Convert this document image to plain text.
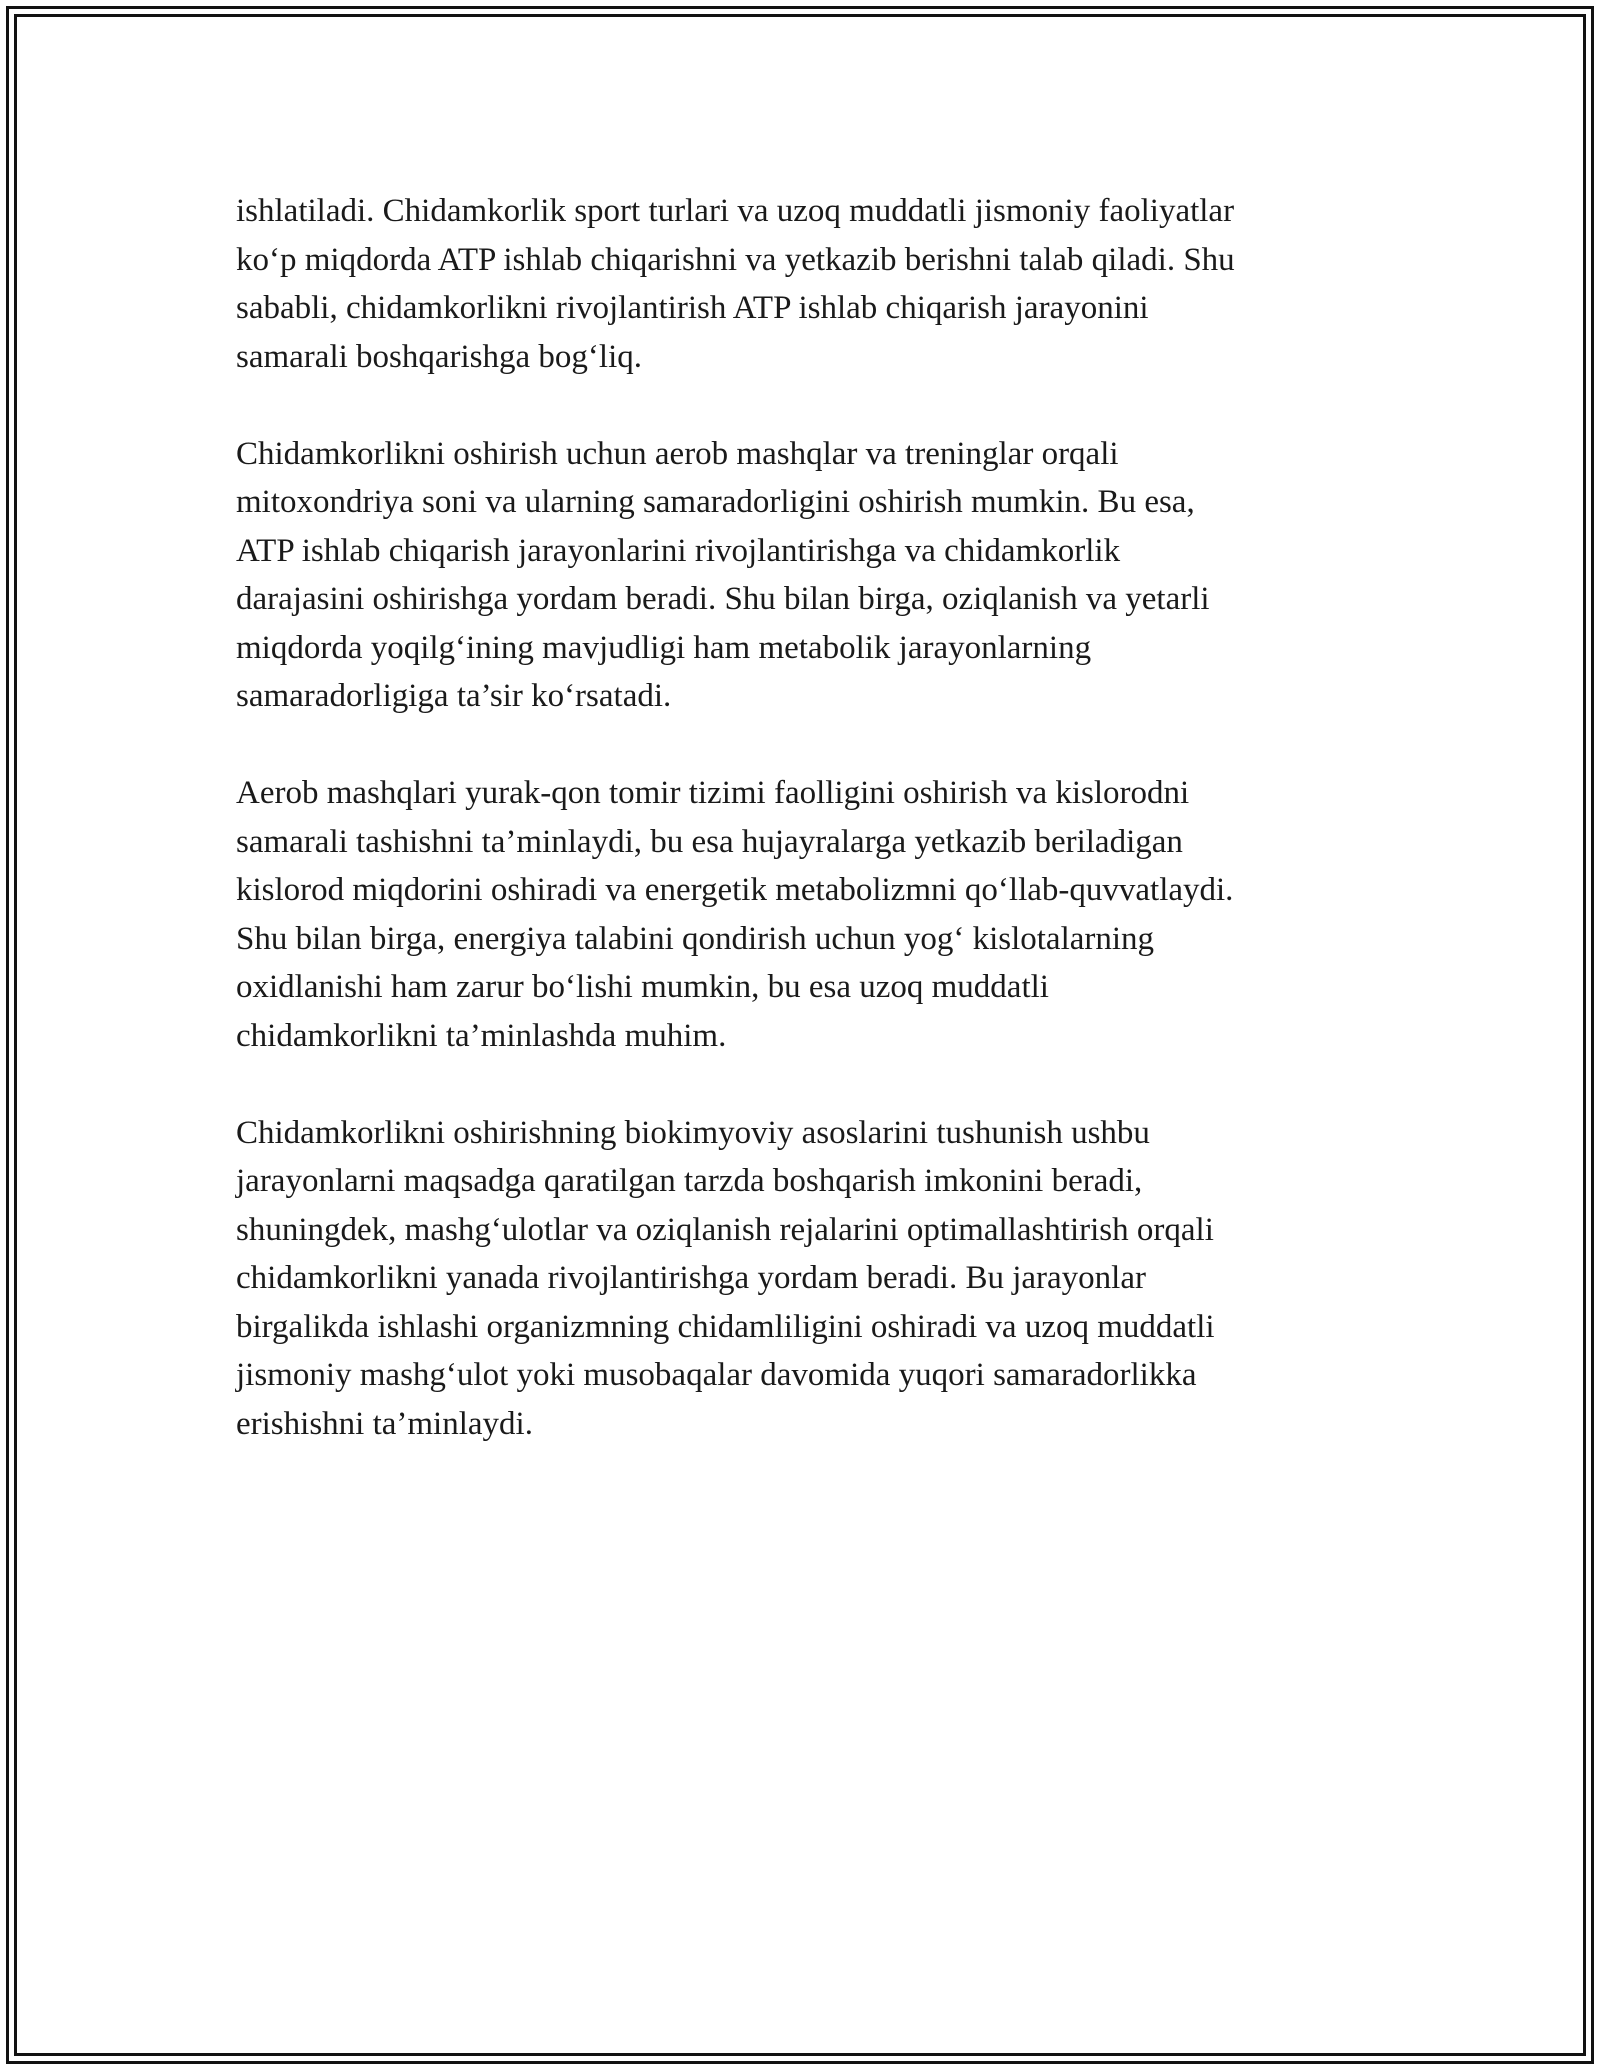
ishlatiladi. Chidamkorlik sport turlari va uzoq muddatli jismoniy faoliyatlar
ko‘p miqdorda ATP ishlab chiqarishni va yetkazib berishni talab qiladi. Shu
sababli, chidamkorlikni rivojlantirish ATP ishlab chiqarish jarayonini
samarali boshqarishga bog‘liq.

Chidamkorlikni oshirish uchun aerob mashqlar va treninglar orqali
mitoxondriya soni va ularning samaradorligini oshirish mumkin. Bu esa,
ATP ishlab chiqarish jarayonlarini rivojlantirishga va chidamkorlik
darajasini oshirishga yordam beradi. Shu bilan birga, oziqlanish va yetarli
miqdorda yoqilg‘ining mavjudligi ham metabolik jarayonlarning
samaradorligiga ta’sir ko‘rsatadi.

Aerob mashqlari yurak-qon tomir tizimi faolligini oshirish va kislorodni
samarali tashishni ta’minlaydi, bu esa hujayralarga yetkazib beriladigan
kislorod miqdorini oshiradi va energetik metabolizmni qo‘llab-quvvatlaydi.
Shu bilan birga, energiya talabini qondirish uchun yog‘ kislotalarning
oxidlanishi ham zarur bo‘lishi mumkin, bu esa uzoq muddatli
chidamkorlikni ta’minlashda muhim.

Chidamkorlikni oshirishning biokimyoviy asoslarini tushunish ushbu
jarayonlarni maqsadga qaratilgan tarzda boshqarish imkonini beradi,
shuningdek, mashg‘ulotlar va oziqlanish rejalarini optimallashtirish orqali
chidamkorlikni yanada rivojlantirishga yordam beradi. Bu jarayonlar
birgalikda ishlashi organizmning chidamliligini oshiradi va uzoq muddatli
jismoniy mashg‘ulot yoki musobaqalar davomida yuqori samaradorlikka
erishishni ta’minlaydi.
